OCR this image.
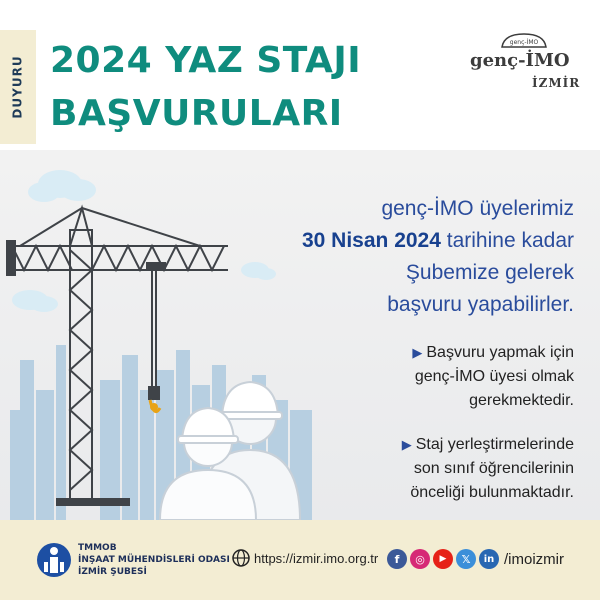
DUYURU 2024 YAZ STAJI
BAŞVURULARI
genç-İMO
genç-İMO
İZMİR
genç-İMO üyelerimiz
30 Nisan 2024 tarihine kadar
Şubemize gelerek
başvuru yapabilirler.
▶ Başvuru yapmak için
genç-İMO üyesi olmak
gerekmektedir.
▶ Staj yerleştirmelerinde
son sınıf öğrencilerinin
önceliği bulunmaktadır.
TMMOB
İNŞAAT MÜHENDİSLERİ ODASI
İZMİR ŞUBESİ
https://izmir.imo.org.tr	f	◎	▶	𝕏	in /imoizmir
